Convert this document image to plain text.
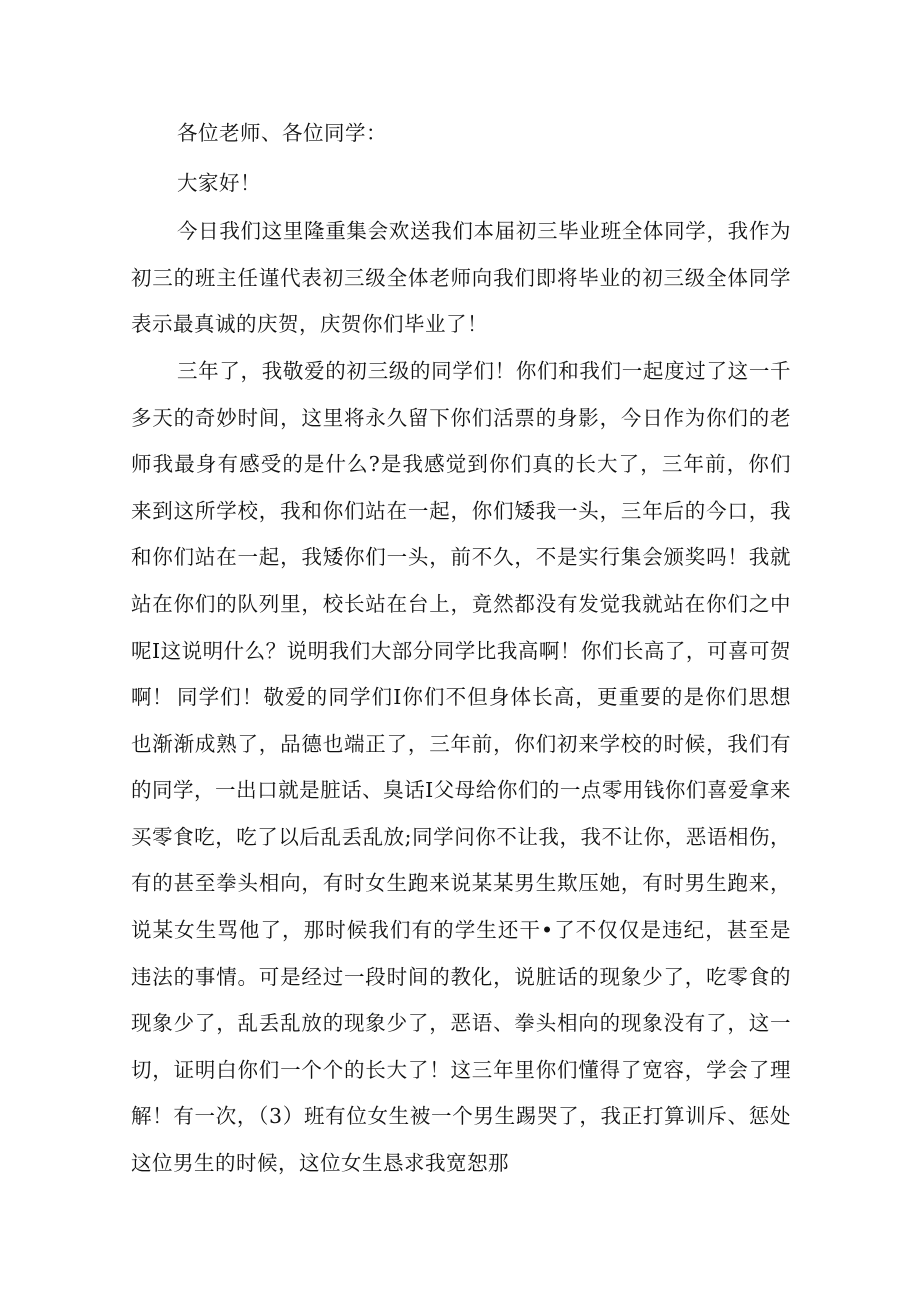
各位老师、各位同学：

大家好！

今日我们这里隆重集会欢送我们本届初三毕业班全体同学，我作为初三的班主任谨代表初三级全体老师向我们即将毕业的初三级全体同学表示最真诚的庆贺，庆贺你们毕业了！

三年了，我敬爱的初三级的同学们！你们和我们一起度过了这一千多天的奇妙时间，这里将永久留下你们活票的身影，今日作为你们的老师我最身有感受的是什么?是我感觉到你们真的长大了，三年前，你们来到这所学校，我和你们站在一起，你们矮我一头，三年后的今口，我和你们站在一起，我矮你们一头，前不久，不是实行集会颁奖吗！我就站在你们的队列里，校长站在台上，竟然都没有发觉我就站在你们之中呢I这说明什么？说明我们大部分同学比我高啊！你们长高了，可喜可贺啊！ 同学们！敬爱的同学们I你们不但身体长高，更重要的是你们思想也渐渐成熟了，品德也端正了，三年前，你们初来学校的时候，我们有的同学，一出口就是脏话、臭话I父母给你们的一点零用钱你们喜爱拿来买零食吃，吃了以后乱丢乱放;同学问你不让我，我不让你，恶语相伤，有的甚至拳头相向，有时女生跑来说某某男生欺压她，有时男生跑来，说某女生骂他了，那时候我们有的学生还干•了不仅仅是违纪，甚至是违法的事情。可是经过一段时间的教化，说脏话的现象少了，吃零食的现象少了，乱丢乱放的现象少了，恶语、拳头相向的现象没有了，这一切，证明白你们一个个的长大了！这三年里你们懂得了宽容，学会了理解！有一次，（3）班有位女生被一个男生踢哭了，我正打算训斥、惩处这位男生的时候，这位女生恳求我宽恕那
